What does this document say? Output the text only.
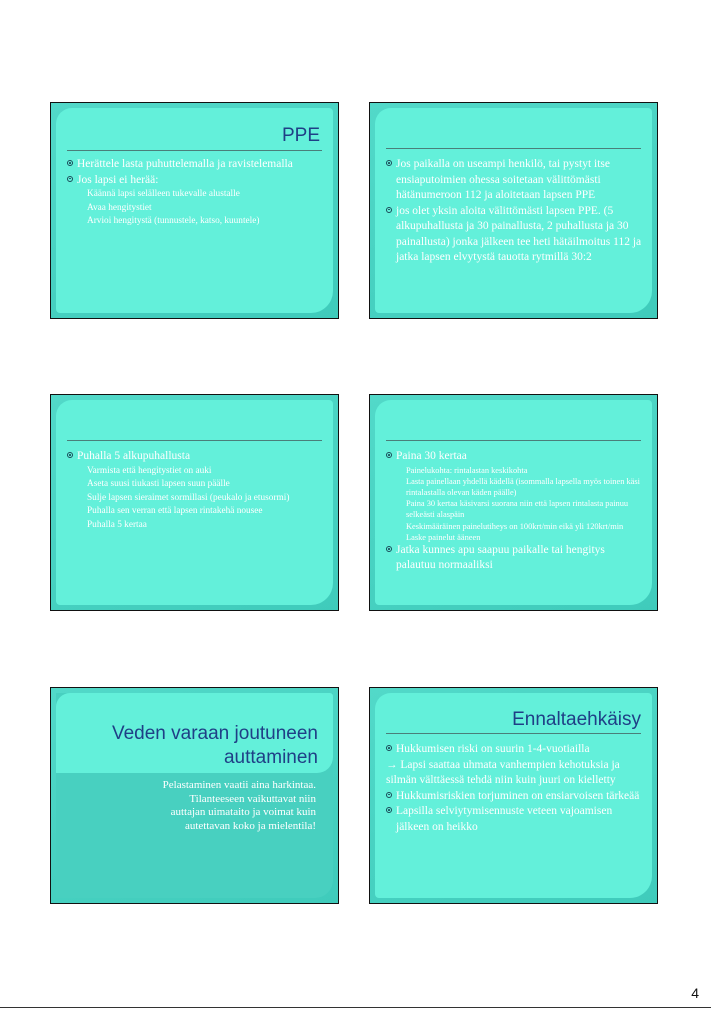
PPE

Herättele lasta puhuttelemalla ja ravistelemalla

Jos lapsi ei herää:

Käännä lapsi selälleen tukevalle alustalle

Avaa hengitystiet

Arvioi hengitystä (tunnustele, katso, kuuntele)

Jos paikalla on useampi henkilö, tai pystyt itse ensiaputoimien ohessa soitetaan välittömästi hätänumeroon 112 ja aloitetaan lapsen PPE

jos olet yksin aloita välittömästi lapsen PPE. (5 alkupuhallusta ja 30 painallusta, 2 puhallusta ja 30 painallusta) jonka jälkeen tee heti hätäilmoitus 112 ja jatka lapsen elvytystä tauotta rytmillä 30:2

Puhalla 5 alkupuhallusta

Varmista että hengitystiet on auki

Aseta suusi tiukasti lapsen suun päälle

Sulje lapsen sieraimet sormillasi (peukalo ja etusormi)

Puhalla sen verran että lapsen rintakehä nousee

Puhalla 5 kertaa

Paina 30 kertaa

Painelukohta: rintalastan keskikohta

Lasta painellaan yhdellä kädellä (isommalla lapsella myös toinen käsi rintalastalla olevan käden päälle)

Paina 30 kertaa käsivarsi suorana niin että lapsen rintalasta painuu selkeästi alaspäin

Keskimääräinen painelutiheys on 100krt/min eikä yli 120krt/min

Laske painelut ääneen

Jatka kunnes apu saapuu paikalle tai hengitys palautuu normaaliksi

Veden varaan joutuneen
auttaminen
Pelastaminen vaatii aina harkintaa.
Tilanteeseen vaikuttavat niin
auttajan uimataito ja voimat kuin
autettavan koko ja mielentila!
Ennaltaehkäisy

Hukkumisen riski on suurin 1-4-vuotiailla

→ Lapsi saattaa uhmata vanhempien kehotuksia ja silmän välttäessä tehdä niin kuin juuri on kielletty

Hukkumisriskien torjuminen on ensiarvoisen tärkeää

Lapsilla selviytymisennuste veteen vajoamisen jälkeen on heikko

4
